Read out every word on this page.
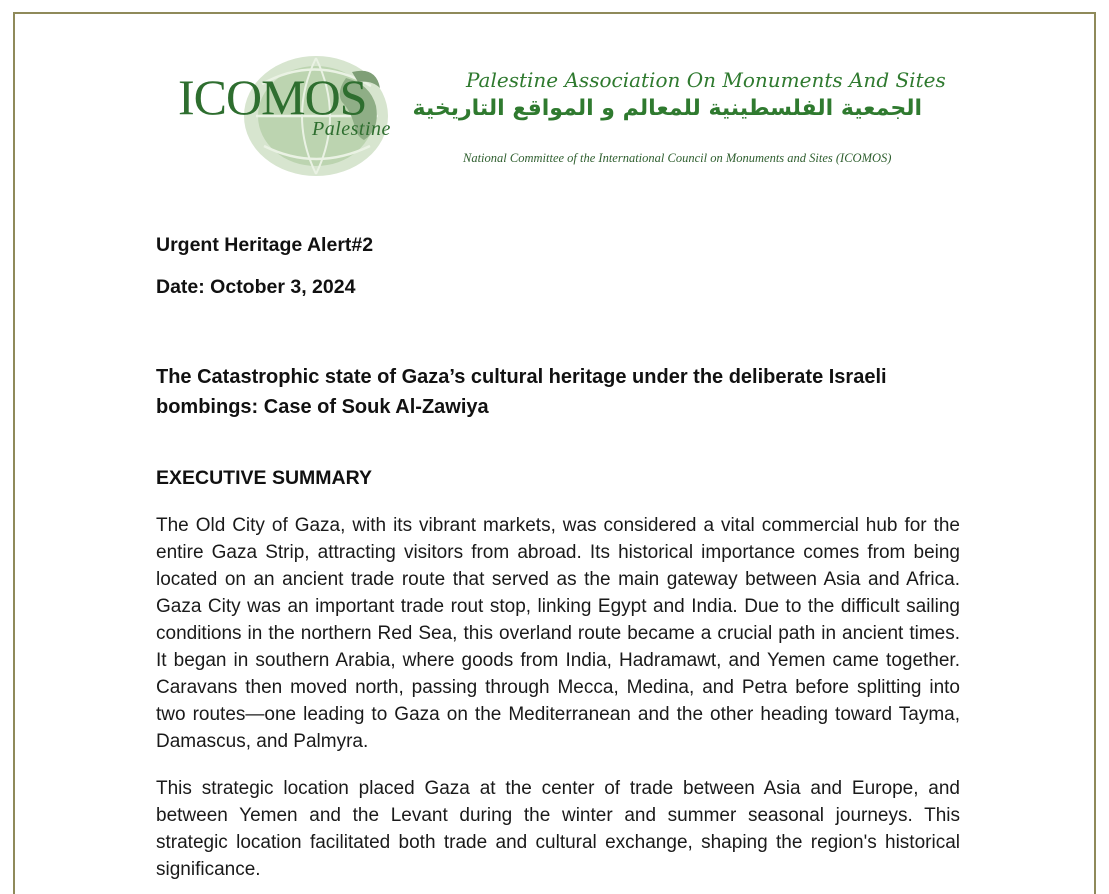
ICOMOS
Palestine
Palestine Association On Monuments And Sites
الجمعية الفلسطينية للمعالم و المواقع التاريخية
National Committee of the International Council on Monuments and Sites (ICOMOS)
Urgent Heritage Alert#2
Date: October 3, 2024
The Catastrophic state of Gaza’s cultural heritage under the deliberate Israeli bombings: Case of Souk Al-Zawiya
EXECUTIVE SUMMARY

The Old City of Gaza, with its vibrant markets, was considered a vital commercial hub for the entire Gaza Strip, attracting visitors from abroad. Its historical importance comes from being located on an ancient trade route that served as the main gateway between Asia and Africa. Gaza City was an important trade rout stop, linking Egypt and India. Due to the difficult sailing conditions in the northern Red Sea, this overland route became a crucial path in ancient times. It began in southern Arabia, where goods from India, Hadramawt, and Yemen came together. Caravans then moved north, passing through Mecca, Medina, and Petra before splitting into two routes—one leading to Gaza on the Mediterranean and the other heading toward Tayma, Damascus, and Palmyra.

This strategic location placed Gaza at the center of trade between Asia and Europe, and between Yemen and the Levant during the winter and summer seasonal journeys. This strategic location facilitated both trade and cultural exchange, shaping the region's historical significance.
